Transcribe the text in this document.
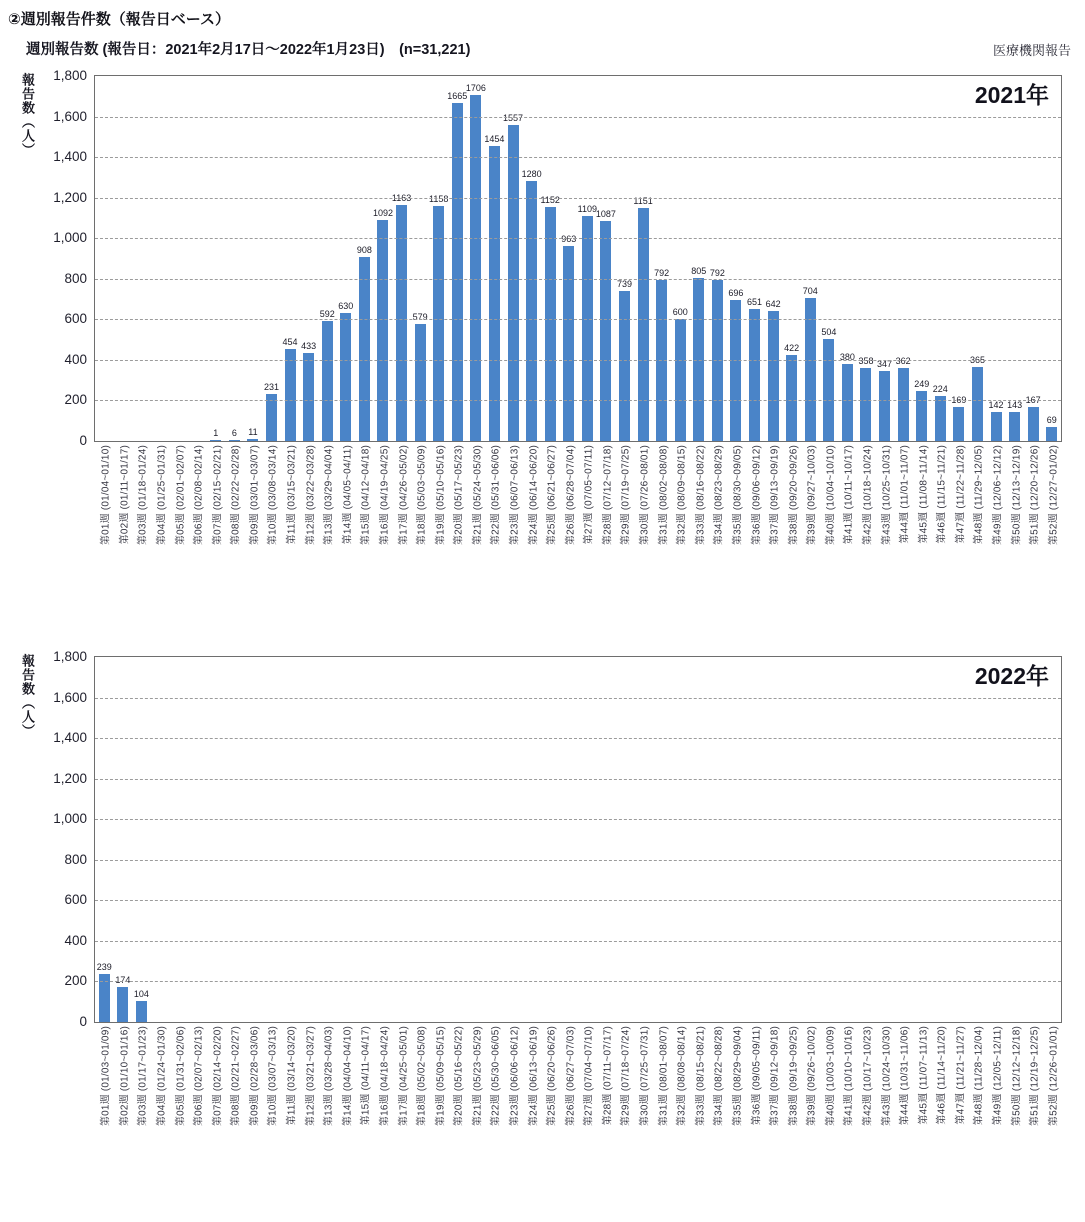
②週別報告件数（報告日ベース）
週別報告数 (報告日：2021年2月17日～2022年1月23日)　(n=31,221)	医療機関報告
報告数（人）
0
200
400
600
800
1,000
1,200
1,400
1,600
1,800
2021年
1 6 11
231
454 433
592
630
908
1092
1163
579
1158
1665
1706
1454
1557
1280
1152
963
1109
1087
739
1151
792
600
805 792
696
651 642
422
704
504
380 358 347 362
249 224
169
365
142 143 167
69
第01週 (01/04~01/10) 第02週 (01/11~01/17) 第03週 (01/18~01/24) 第04週 (01/25~01/31) 第05週 (02/01~02/07) 第06週 (02/08~02/14) 第07週 (02/15~02/21) 第08週 (02/22~02/28) 第09週 (03/01~03/07) 第10週 (03/08~03/14) 第11週 (03/15~03/21) 第12週 (03/22~03/28) 第13週 (03/29~04/04) 第14週 (04/05~04/11) 第15週 (04/12~04/18) 第16週 (04/19~04/25) 第17週 (04/26~05/02) 第18週 (05/03~05/09) 第19週 (05/10~05/16) 第20週 (05/17~05/23) 第21週 (05/24~05/30) 第22週 (05/31~06/06) 第23週 (06/07~06/13) 第24週 (06/14~06/20) 第25週 (06/21~06/27) 第26週 (06/28~07/04) 第27週 (07/05~07/11) 第28週 (07/12~07/18) 第29週 (07/19~07/25) 第30週 (07/26~08/01) 第31週 (08/02~08/08) 第32週 (08/09~08/15) 第33週 (08/16~08/22) 第34週 (08/23~08/29) 第35週 (08/30~09/05) 第36週 (09/06~09/12) 第37週 (09/13~09/19) 第38週 (09/20~09/26) 第39週 (09/27~10/03) 第40週 (10/04~10/10) 第41週 (10/11~10/17) 第42週 (10/18~10/24) 第43週 (10/25~10/31) 第44週 (11/01~11/07) 第45週 (11/08~11/14) 第46週 (11/15~11/21) 第47週 (11/22~11/28) 第48週 (11/29~12/05) 第49週 (12/06~12/12) 第50週 (12/13~12/19) 第51週 (12/20~12/26) 第52週 (12/27~01/02)
報告数（人）
0
200
400
600
800
1,000
1,200
1,400
1,600
1,800
2022年
239
174
104
第01週 (01/03~01/09) 第02週 (01/10~01/16) 第03週 (01/17~01/23) 第04週 (01/24~01/30) 第05週 (01/31~02/06) 第06週 (02/07~02/13) 第07週 (02/14~02/20) 第08週 (02/21~02/27) 第09週 (02/28~03/06) 第10週 (03/07~03/13) 第11週 (03/14~03/20) 第12週 (03/21~03/27) 第13週 (03/28~04/03) 第14週 (04/04~04/10) 第15週 (04/11~04/17) 第16週 (04/18~04/24) 第17週 (04/25~05/01) 第18週 (05/02~05/08) 第19週 (05/09~05/15) 第20週 (05/16~05/22) 第21週 (05/23~05/29) 第22週 (05/30~06/05) 第23週 (06/06~06/12) 第24週 (06/13~06/19) 第25週 (06/20~06/26) 第26週 (06/27~07/03) 第27週 (07/04~07/10) 第28週 (07/11~07/17) 第29週 (07/18~07/24) 第30週 (07/25~07/31) 第31週 (08/01~08/07) 第32週 (08/08~08/14) 第33週 (08/15~08/21) 第34週 (08/22~08/28) 第35週 (08/29~09/04) 第36週 (09/05~09/11) 第37週 (09/12~09/18) 第38週 (09/19~09/25) 第39週 (09/26~10/02) 第40週 (10/03~10/09) 第41週 (10/10~10/16) 第42週 (10/17~10/23) 第43週 (10/24~10/30) 第44週 (10/31~11/06) 第45週 (11/07~11/13) 第46週 (11/14~11/20) 第47週 (11/21~11/27) 第48週 (11/28~12/04) 第49週 (12/05~12/11) 第50週 (12/12~12/18) 第51週 (12/19~12/25) 第52週 (12/26~01/01)
